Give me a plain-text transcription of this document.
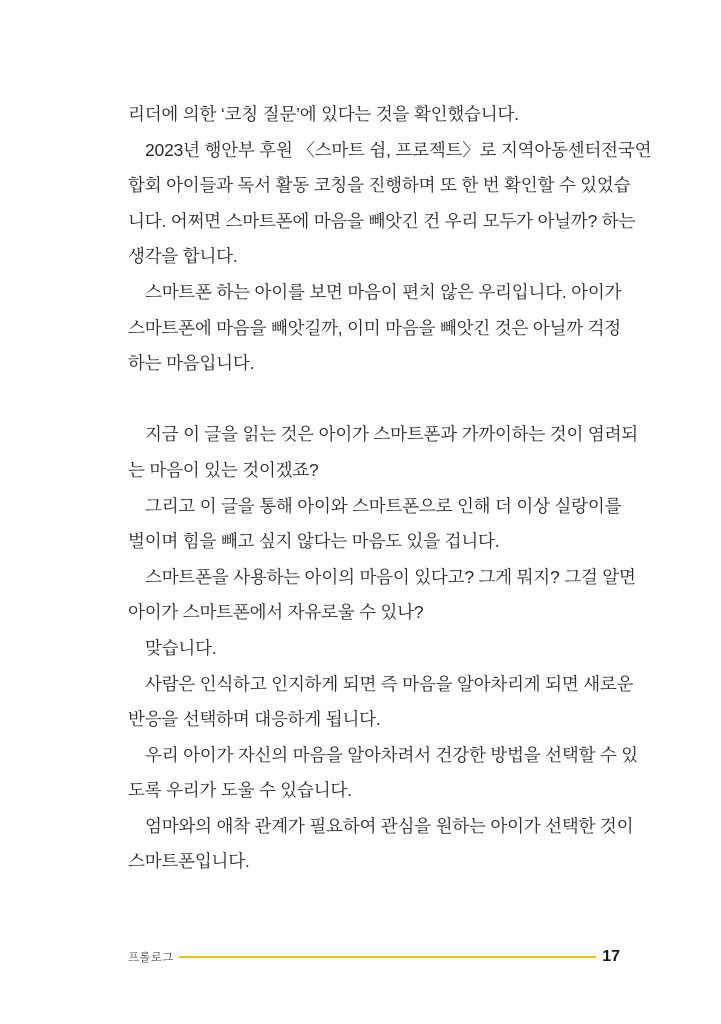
리더에 의한 ‘코칭 질문’에 있다는 것을 확인했습니다.
2023년 행안부 후원 〈스마트 쉼, 프로젝트〉로 지역아동센터전국연
합회 아이들과 독서 활동 코칭을 진행하며 또 한 번 확인할 수 있었습
니다. 어쩌면 스마트폰에 마음을 빼앗긴 건 우리 모두가 아닐까? 하는
생각을 합니다.
스마트폰 하는 아이를 보면 마음이 편치 않은 우리입니다. 아이가
스마트폰에 마음을 빼앗길까, 이미 마음을 빼앗긴 것은 아닐까 걱정
하는 마음입니다.
지금 이 글을 읽는 것은 아이가 스마트폰과 가까이하는 것이 염려되
는 마음이 있는 것이겠죠?
그리고 이 글을 통해 아이와 스마트폰으로 인해 더 이상 실랑이를
벌이며 힘을 빼고 싶지 않다는 마음도 있을 겁니다.
스마트폰을 사용하는 아이의 마음이 있다고? 그게 뭐지? 그걸 알면
아이가 스마트폰에서 자유로울 수 있나?
맞습니다.
사람은 인식하고 인지하게 되면 즉 마음을 알아차리게 되면 새로운
반응을 선택하며 대응하게 됩니다.
우리 아이가 자신의 마음을 알아차려서 건강한 방법을 선택할 수 있
도록 우리가 도울 수 있습니다.
엄마와의 애착 관계가 필요하여 관심을 원하는 아이가 선택한 것이
스마트폰입니다.
프롤로그	17
